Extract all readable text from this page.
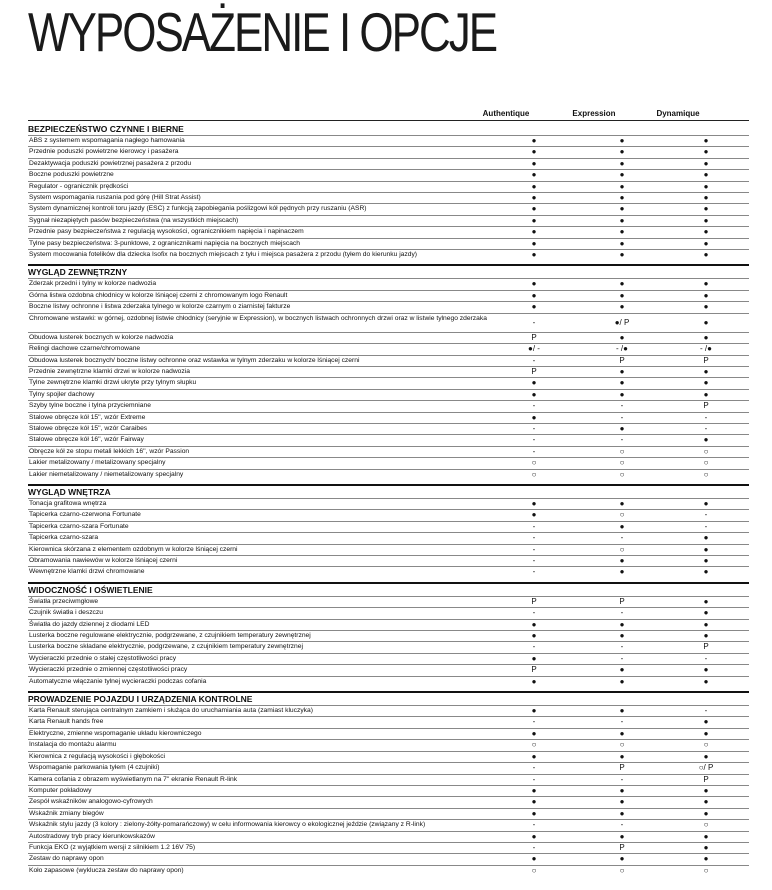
WYPOSAŻENIE I OPCJE
Authentique	Expression	Dynamique
BEZPIECZEŃSTWO CZYNNE I BIERNE
ABS z systemem wspomagania nagłego hamowania	●	●	●
Przednie poduszki powietrzne kierowcy i pasażera	●	●	●
Dezaktywacja poduszki powietrznej pasażera z przodu	●	●	●
Boczne poduszki powietrzne	●	●	●
Regulator - ogranicznik prędkości	●	●	●
System wspomagania ruszania pod górę (Hill Strat Assist)	●	●	●
System dynamicznej kontroli toru jazdy (ESC) z funkcją zapobiegania poślizgowi kół pędnych przy ruszaniu (ASR)	●	●	●
Sygnał niezapiętych pasów bezpieczeństwa (na wszystkich miejscach)	●	●	●
Przednie pasy bezpieczeństwa z regulacją wysokości, ogranicznikiem napięcia i napinaczem	●	●	●
Tylne pasy bezpieczeństwa: 3-punktowe, z ogranicznikami napięcia na bocznych miejscach	●	●	●
System mocowania fotelików dla dziecka Isofix na bocznych miejscach z tyłu i miejsca pasażera z przodu (tyłem do kierunku jazdy)	●	●	●
WYGLĄD ZEWNĘTRZNY
Zderzak przedni i tylny w kolorze nadwozia	●	●	●
Górna listwa ozdobna chłodnicy w kolorze lśniącej czerni z chromowanym logo Renault	●	●	●
Boczne listwy ochronne i listwa zderzaka tylnego w kolorze czarnym o ziarnistej fakturze	●	●	●
Chromowane wstawki: w górnej, ozdobnej listwie chłodnicy (seryjnie w Expression), w bocznych listwach ochronnych drzwi oraz w listwie tylnego zderzaka	-	●/ P	●
Obudowa lusterek bocznych w kolorze nadwozia	P	●	●
Relingi dachowe czarne/chromowane	●/ -	- /●	- /●
Obudowa lusterek bocznych/ boczne listwy ochronne oraz wstawka w tylnym zderzaku w kolorze lśniącej czerni	-	P	P
Przednie zewnętrzne klamki drzwi w kolorze nadwozia	P	●	●
Tylne zewnętrzne klamki drzwi ukryte przy tylnym słupku	●	●	●
Tylny spojler dachowy	●	●	●
Szyby tylne boczne i tylna przyciemniane	-	-	P
Stalowe obręcze kół 15'', wzór Extreme	●	-	-
Stalowe obręcze kół 15'', wzór Caraibes	-	●	-
Stalowe obręcze kół 16'', wzór Fairway	-	-	●
Obręcze kół ze stopu metali lekkich 16'', wzór Passion	-	○	○
Lakier metalizowany / metalizowany specjalny	○	○	○
Lakier niemetalizowany / niemetalizowany specjalny	○	○	○
WYGLĄD WNĘTRZA
Tonacja grafitowa wnętrza	●	●	●
Tapicerka czarno-czerwona Fortunate	●	○	-
Tapicerka czarno-szara Fortunate	-	●	-
Tapicerka czarno-szara	-	-	●
Kierownica skórzana z elementem ozdobnym w kolorze lśniącej czerni	-	○	●
Obramowania nawiewów w kolorze lśniącej czerni	-	●	●
Wewnętrzne klamki drzwi chromowane	-	●	●
WIDOCZNOŚĆ I OŚWIETLENIE
Światła przeciwmgłowe	P	P	●
Czujnik światła i deszczu	-	-	●
Światła do jazdy dziennej z diodami LED	●	●	●
Lusterka boczne regulowane elektrycznie, podgrzewane, z czujnikiem temperatury zewnętrznej	●	●	●
Lusterka boczne składane elektrycznie, podgrzewane, z czujnikiem temperatury zewnętrznej	-	-	P
Wycieraczki przednie o stałej częstotliwości pracy	●	-	-
Wycieraczki przednie o zmiennej częstotliwości pracy	P	●	●
Automatyczne włączanie tylnej wycieraczki podczas cofania	●	●	●
PROWADZENIE POJAZDU I URZĄDZENIA KONTROLNE
Karta Renault sterująca centralnym zamkiem i służąca do uruchamiania auta (zamiast kluczyka)	●	●	-
Karta Renault hands free	-	-	●
Elektryczne, zmienne wspomaganie układu kierowniczego	●	●	●
Instalacja do montażu alarmu	○	○	○
Kierownica z regulacją wysokości i głębokości	●	●	●
Wspomaganie parkowania tyłem (4 czujniki)	-	P	○/ P
Kamera cofania z obrazem wyświetlanym na 7'' ekranie Renault R-link	-	-	P
Komputer pokładowy	●	●	●
Zespół wskaźników analogowo-cyfrowych	●	●	●
Wskaźnik zmiany biegów	●	●	●
Wskaźnik stylu jazdy (3 kolory : zielony-żółty-pomarańczowy) w celu informowania kierowcy o ekologicznej jeździe (związany z R-link)	-	-	○
Autostradowy tryb pracy kierunkowskazów	●	●	●
Funkcja EKO (z wyjątkiem wersji z silnikiem 1.2 16V 75)	-	P	●
Zestaw do naprawy opon	●	●	●
Koło zapasowe (wyklucza zestaw do naprawy opon)	○	○	○
